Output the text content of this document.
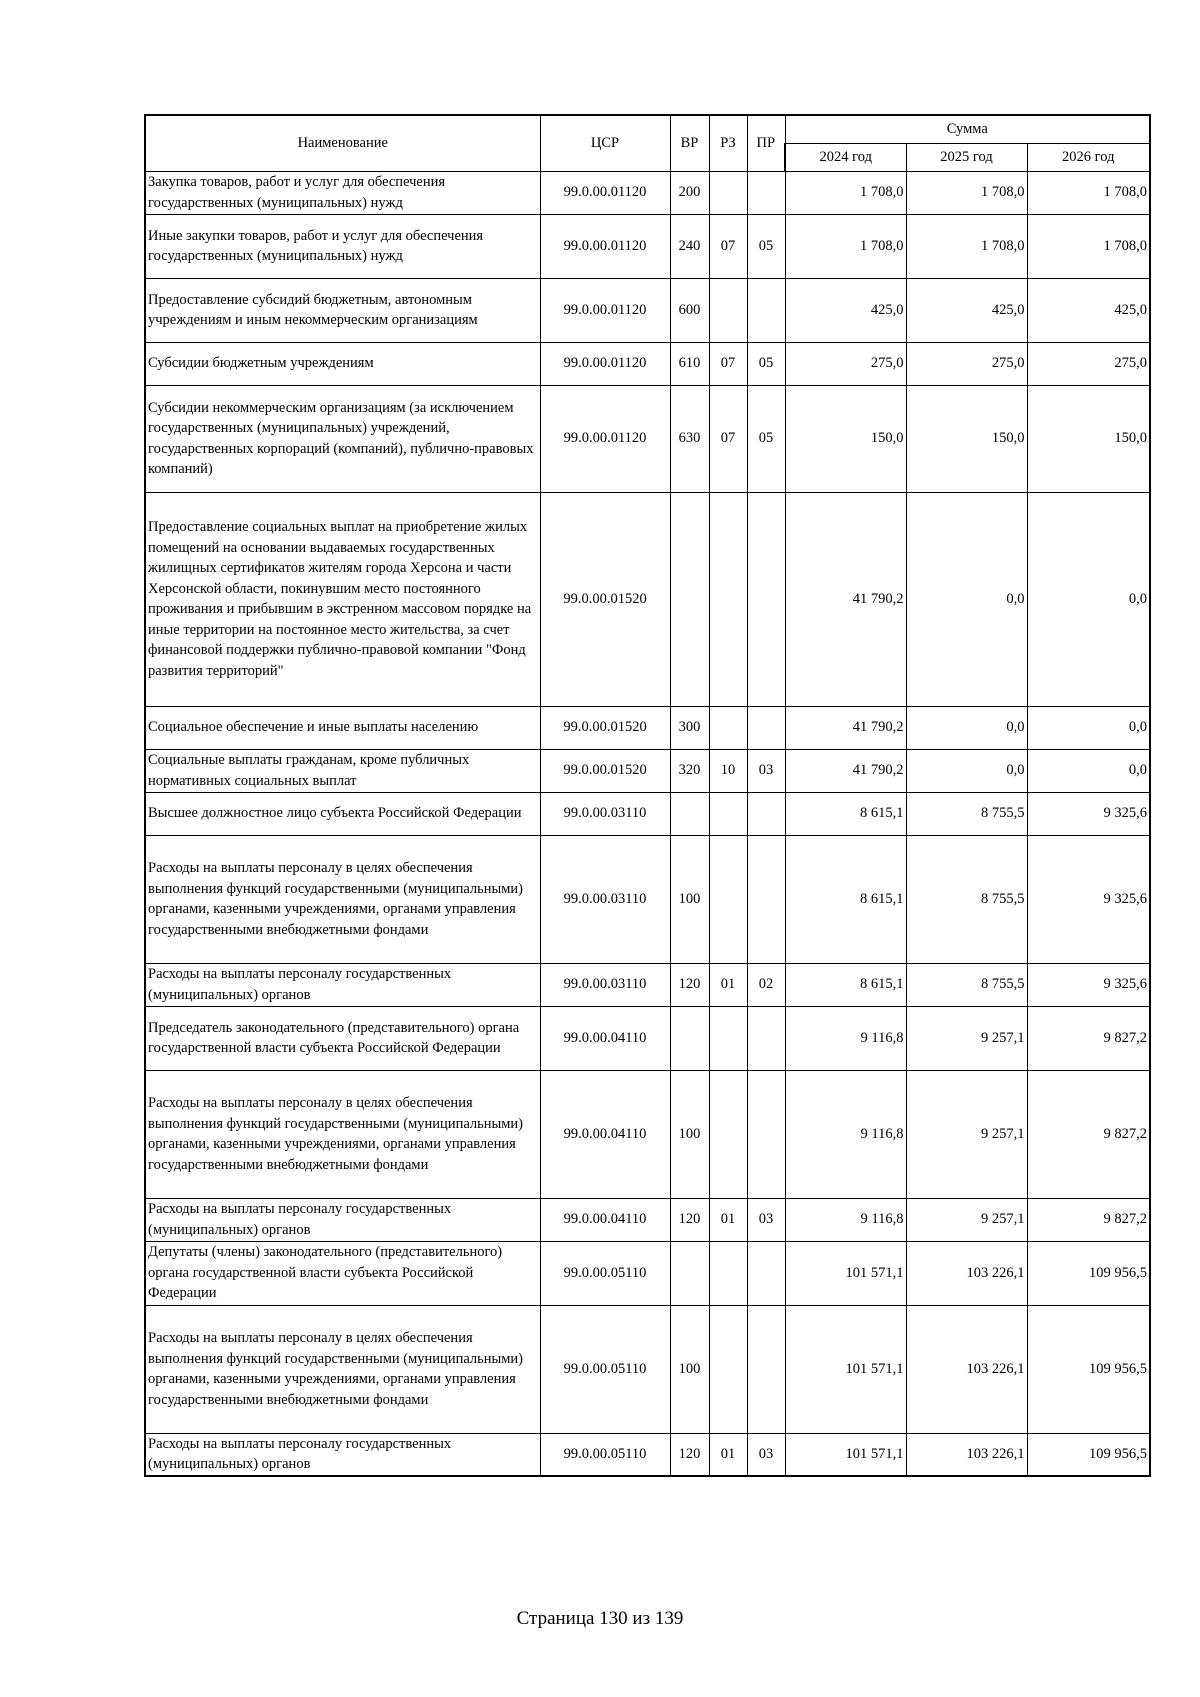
Наименование	ЦСР	ВР	РЗ	ПР	Сумма		
					2024 год	2025 год	2026 год
Закупка товаров, работ и услуг для обеспечения государственных (муниципальных) нужд	99.0.00.01120	200			1 708,0	1 708,0	1 708,0
Иные закупки товаров, работ и услуг для обеспечения государственных (муниципальных) нужд	99.0.00.01120	240	07	05	1 708,0	1 708,0	1 708,0
Предоставление субсидий бюджетным, автономным учреждениям и иным некоммерческим организациям	99.0.00.01120	600			425,0	425,0	425,0
Субсидии бюджетным учреждениям	99.0.00.01120	610	07	05	275,0	275,0	275,0
Субсидии некоммерческим организациям (за исключением государственных (муниципальных) учреждений, государственных корпораций (компаний), публично-правовых компаний)	99.0.00.01120	630	07	05	150,0	150,0	150,0
Предоставление социальных выплат на приобретение жилых помещений на основании выдаваемых государственных жилищных сертификатов жителям города Херсона и части Херсонской области, покинувшим место постоянного проживания и прибывшим в экстренном массовом порядке на иные территории на постоянное место жительства, за счет финансовой поддержки публично-правовой компании "Фонд развития территорий"	99.0.00.01520				41 790,2	0,0	0,0
Социальное обеспечение и иные выплаты населению	99.0.00.01520	300			41 790,2	0,0	0,0
Социальные выплаты гражданам, кроме публичных нормативных социальных выплат	99.0.00.01520	320	10	03	41 790,2	0,0	0,0
Высшее должностное лицо субъекта Российской Федерации	99.0.00.03110				8 615,1	8 755,5	9 325,6
Расходы на выплаты персоналу в целях обеспечения выполнения функций государственными (муниципальными) органами, казенными учреждениями, органами управления государственными внебюджетными фондами	99.0.00.03110	100			8 615,1	8 755,5	9 325,6
Расходы на выплаты персоналу государственных (муниципальных) органов	99.0.00.03110	120	01	02	8 615,1	8 755,5	9 325,6
Председатель законодательного (представительного) органа государственной власти субъекта Российской Федерации	99.0.00.04110				9 116,8	9 257,1	9 827,2
Расходы на выплаты персоналу в целях обеспечения выполнения функций государственными (муниципальными) органами, казенными учреждениями, органами управления государственными внебюджетными фондами	99.0.00.04110	100			9 116,8	9 257,1	9 827,2
Расходы на выплаты персоналу государственных (муниципальных) органов	99.0.00.04110	120	01	03	9 116,8	9 257,1	9 827,2
Депутаты (члены) законодательного (представительного) органа государственной власти субъекта Российской Федерации	99.0.00.05110				101 571,1	103 226,1	109 956,5
Расходы на выплаты персоналу в целях обеспечения выполнения функций государственными (муниципальными) органами, казенными учреждениями, органами управления государственными внебюджетными фондами	99.0.00.05110	100			101 571,1	103 226,1	109 956,5
Расходы на выплаты персоналу государственных (муниципальных) органов	99.0.00.05110	120	01	03	101 571,1	103 226,1	109 956,5
Страница 130 из 139
